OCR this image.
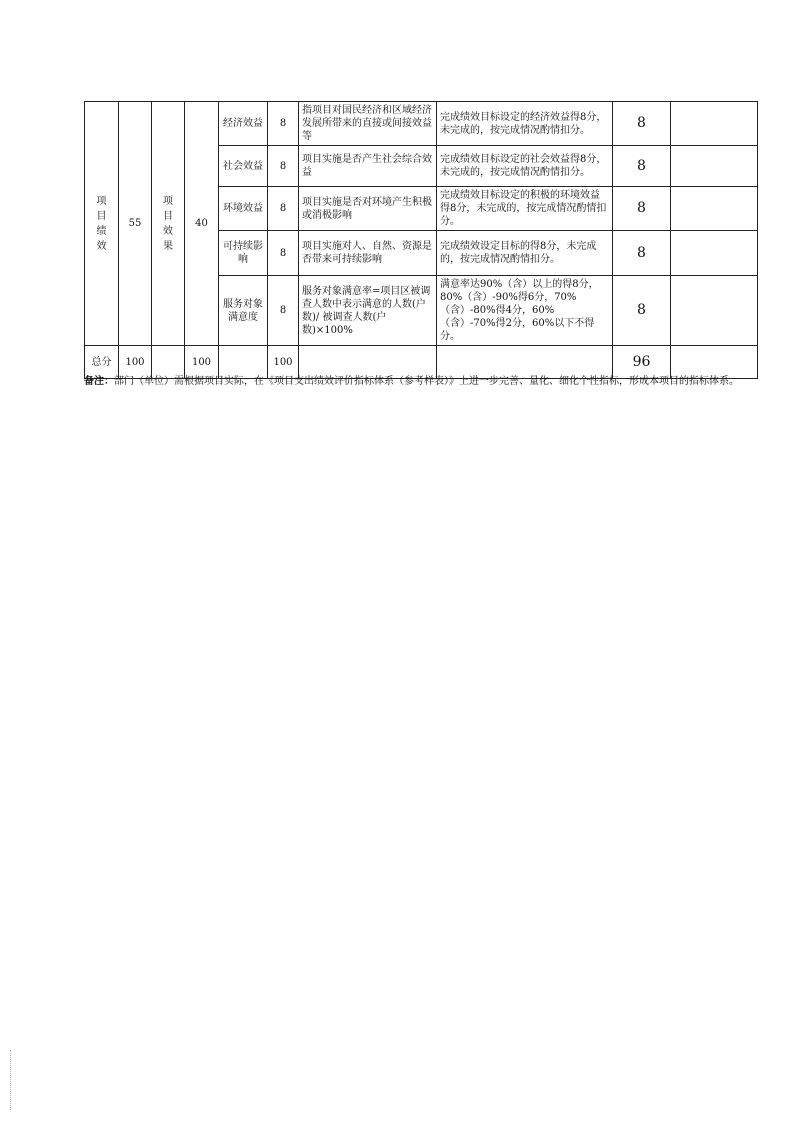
项目绩效	55	项目效果	40	经济效益	8	指项目对国民经济和区域经济发展所带来的直接或间接效益等	完成绩效目标设定的经济效益得8分，未完成的，按完成情况酌情扣分。	8	
				社会效益	8	项目实施是否产生社会综合效益	完成绩效目标设定的社会效益得8分，未完成的，按完成情况酌情扣分。	8	
				环境效益	8	项目实施是否对环境产生积极或消极影响	完成绩效目标设定的积极的环境效益得8分，未完成的，按完成情况酌情扣分。	8	
				可持续影响	8	项目实施对人、自然、资源是否带来可持续影响	完成绩效设定目标的得8分，未完成的，按完成情况酌情扣分。	8	
				服务对象满意度	8	服务对象满意率=项目区被调查人数中表示满意的人数(户数)/ 被调查人数(户数)×100%	满意率达90%（含）以上的得8分，80%（含）-90%得6分，70%（含）-80%得4分，60%（含）-70%得2分，60%以下不得分。	8	
总分	100		100		100			96	
备注：部门（单位）需根据项目实际，在《项目支出绩效评价指标体系（参考样表）》上进一步完善、量化、细化个性指标，形成本项目的指标体系。
